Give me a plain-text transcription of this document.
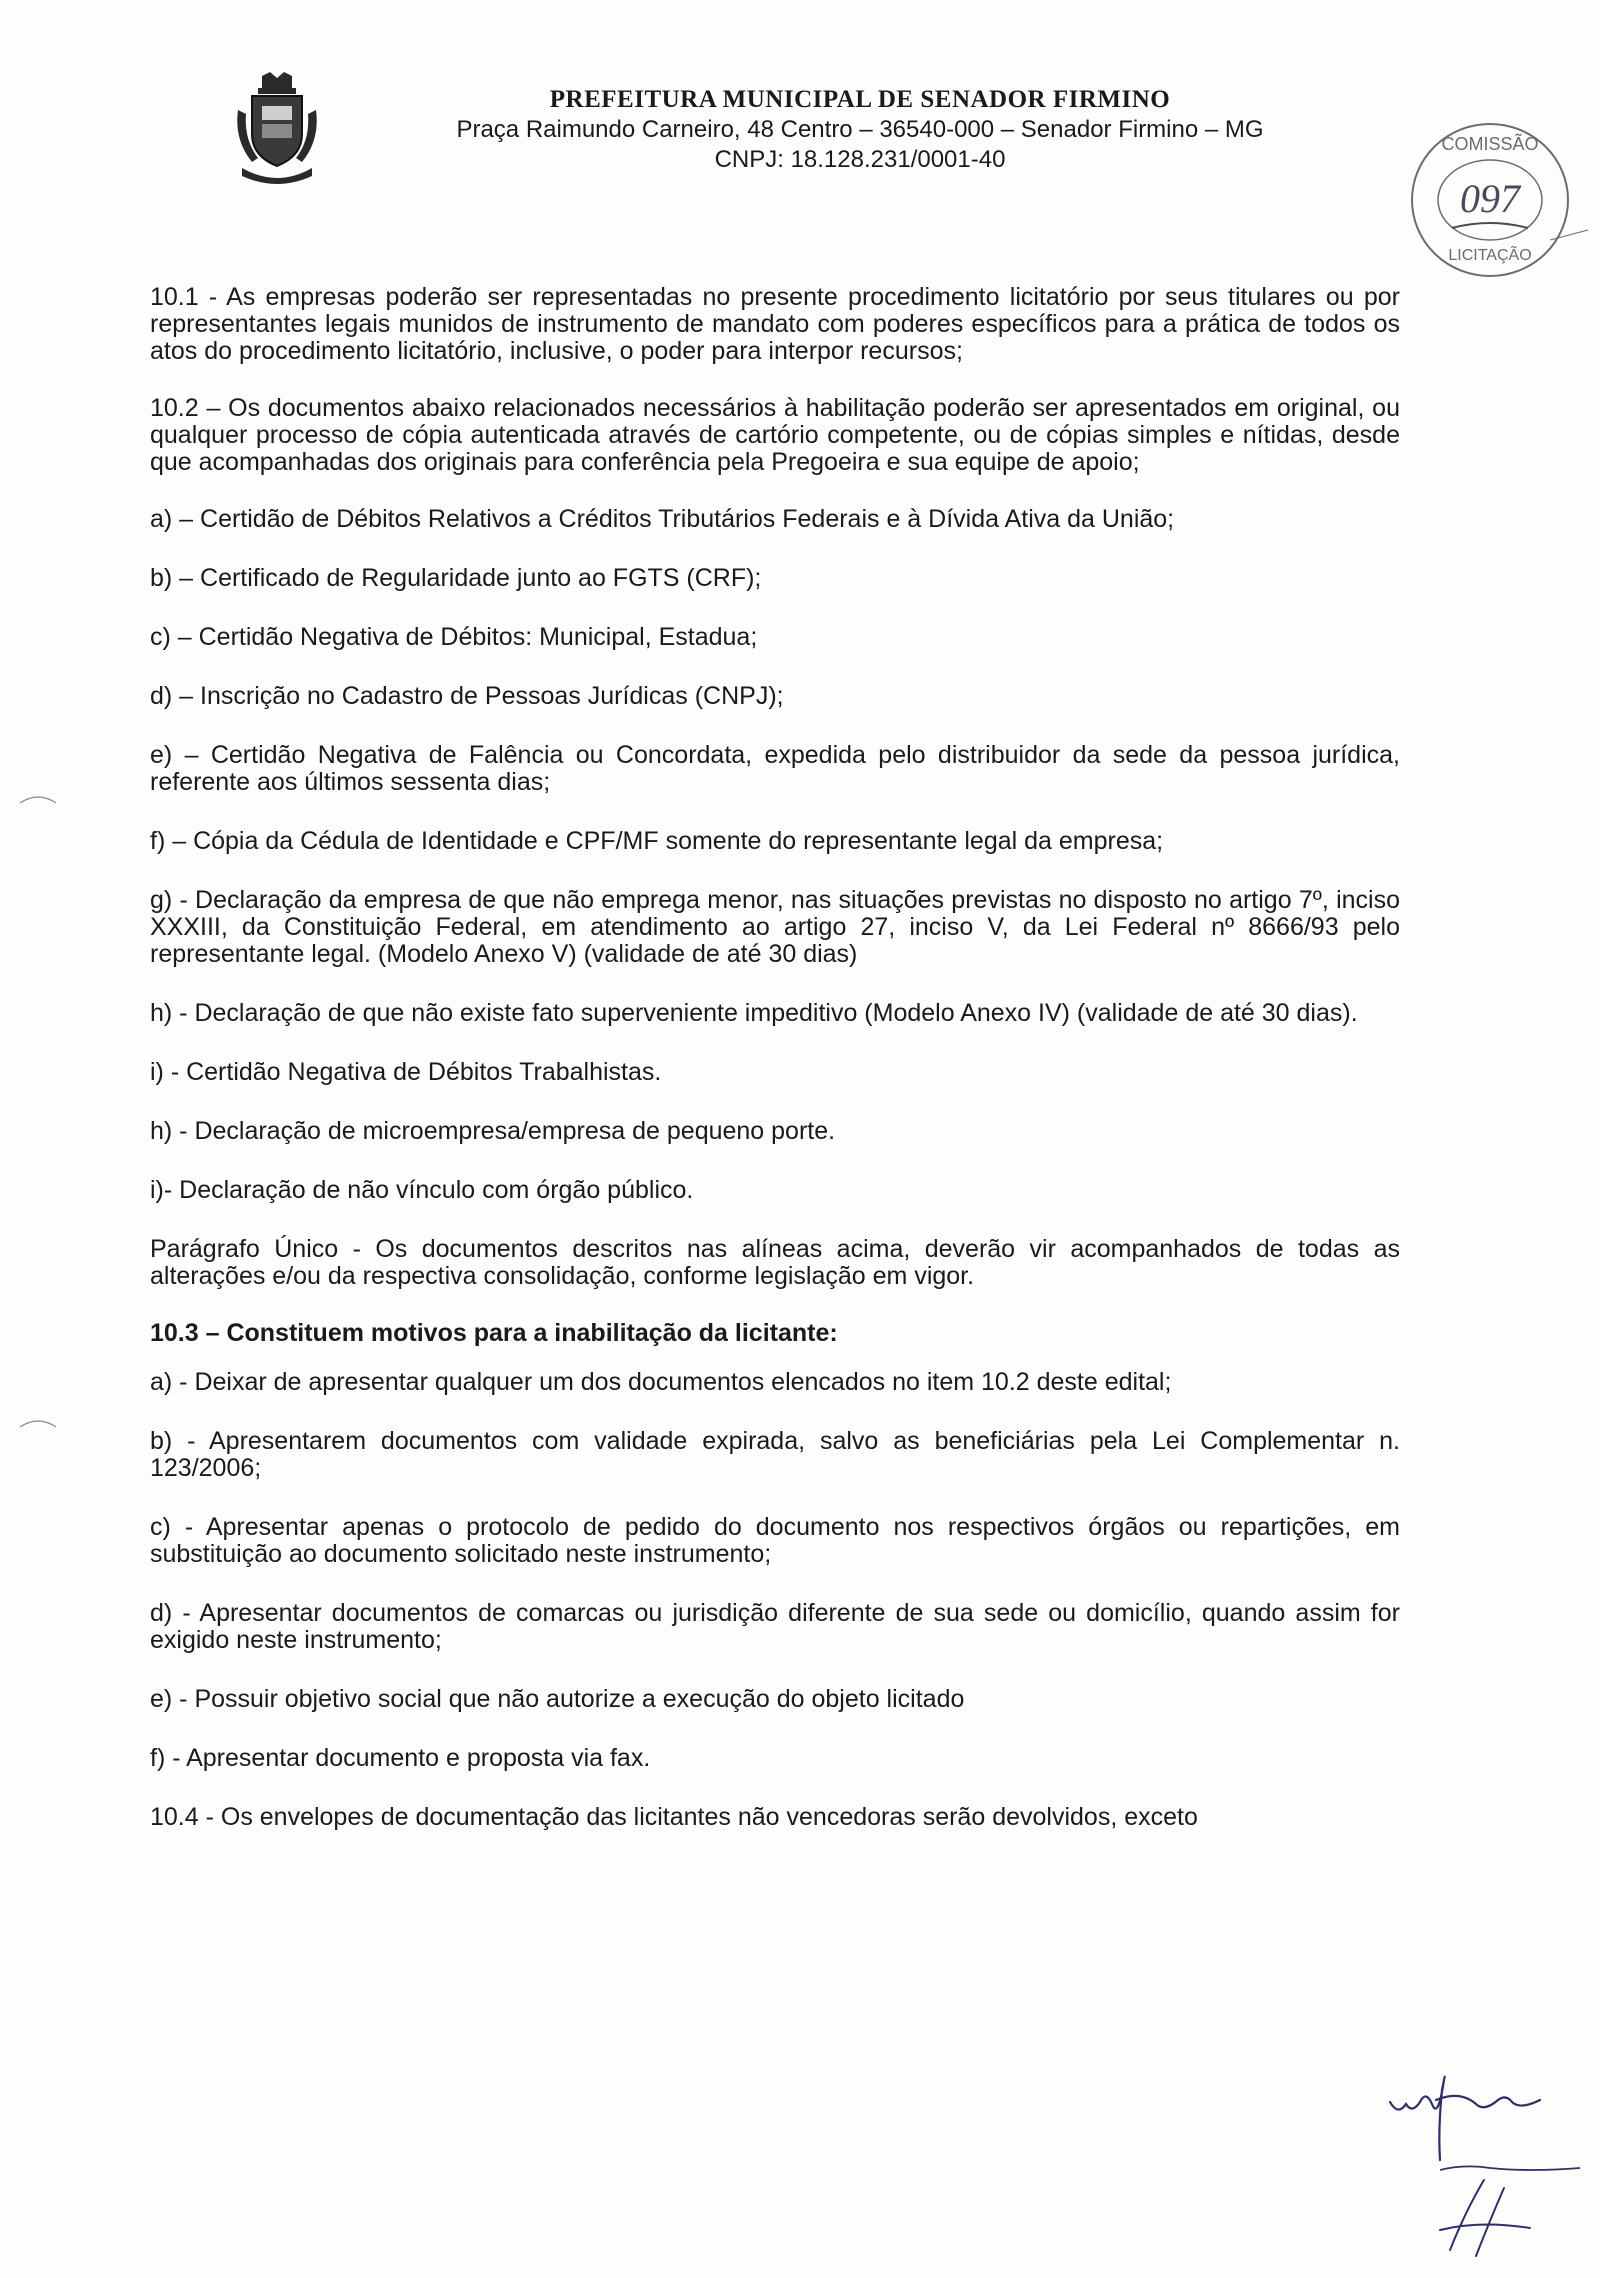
PREFEITURA MUNICIPAL DE SENADOR FIRMINO
Praça Raimundo Carneiro, 48 Centro – 36540-000 – Senador Firmino – MG
CNPJ: 18.128.231/0001-40
COMISSÃO
097
LICITAÇÃO

10.1 - As empresas poderão ser representadas no presente procedimento licitatório por seus titulares ou por representantes legais munidos de instrumento de mandato com poderes específicos para a prática de todos os atos do procedimento licitatório, inclusive, o poder para interpor recursos;

10.2 – Os documentos abaixo relacionados necessários à habilitação poderão ser apresentados em original, ou qualquer processo de cópia autenticada através de cartório competente, ou de cópias simples e nítidas, desde que acompanhadas dos originais para conferência pela Pregoeira e sua equipe de apoio;

a) – Certidão de Débitos Relativos a Créditos Tributários Federais e à Dívida Ativa da União;
b) – Certificado de Regularidade junto ao FGTS (CRF);
c) – Certidão Negativa de Débitos: Municipal, Estadua;
d) – Inscrição no Cadastro de Pessoas Jurídicas (CNPJ);
e) – Certidão Negativa de Falência ou Concordata, expedida pelo distribuidor da sede da pessoa jurídica, referente aos últimos sessenta dias;
f) – Cópia da Cédula de Identidade e CPF/MF somente do representante legal da empresa;
g) - Declaração da empresa de que não emprega menor, nas situações previstas no disposto no artigo 7º, inciso XXXIII, da Constituição Federal, em atendimento ao artigo 27, inciso V, da Lei Federal nº 8666/93 pelo representante legal. (Modelo Anexo V) (validade de até 30 dias)
h) - Declaração de que não existe fato superveniente impeditivo (Modelo Anexo IV) (validade de até 30 dias).
i) - Certidão Negativa de Débitos Trabalhistas.
h) - Declaração de microempresa/empresa de pequeno porte.
i)- Declaração de não vínculo com órgão público.

Parágrafo Único - Os documentos descritos nas alíneas acima, deverão vir acompanhados de todas as alterações e/ou da respectiva consolidação, conforme legislação em vigor.

10.3 – Constituem motivos para a inabilitação da licitante:

a) - Deixar de apresentar qualquer um dos documentos elencados no item 10.2 deste edital;
b) - Apresentarem documentos com validade expirada, salvo as beneficiárias pela Lei Complementar n. 123/2006;
c) - Apresentar apenas o protocolo de pedido do documento nos respectivos órgãos ou repartições, em substituição ao documento solicitado neste instrumento;
d) - Apresentar documentos de comarcas ou jurisdição diferente de sua sede ou domicílio, quando assim for exigido neste instrumento;
e) - Possuir objetivo social que não autorize a execução do objeto licitado
f) - Apresentar documento e proposta via fax.

10.4 - Os envelopes de documentação das licitantes não vencedoras serão devolvidos, exceto
